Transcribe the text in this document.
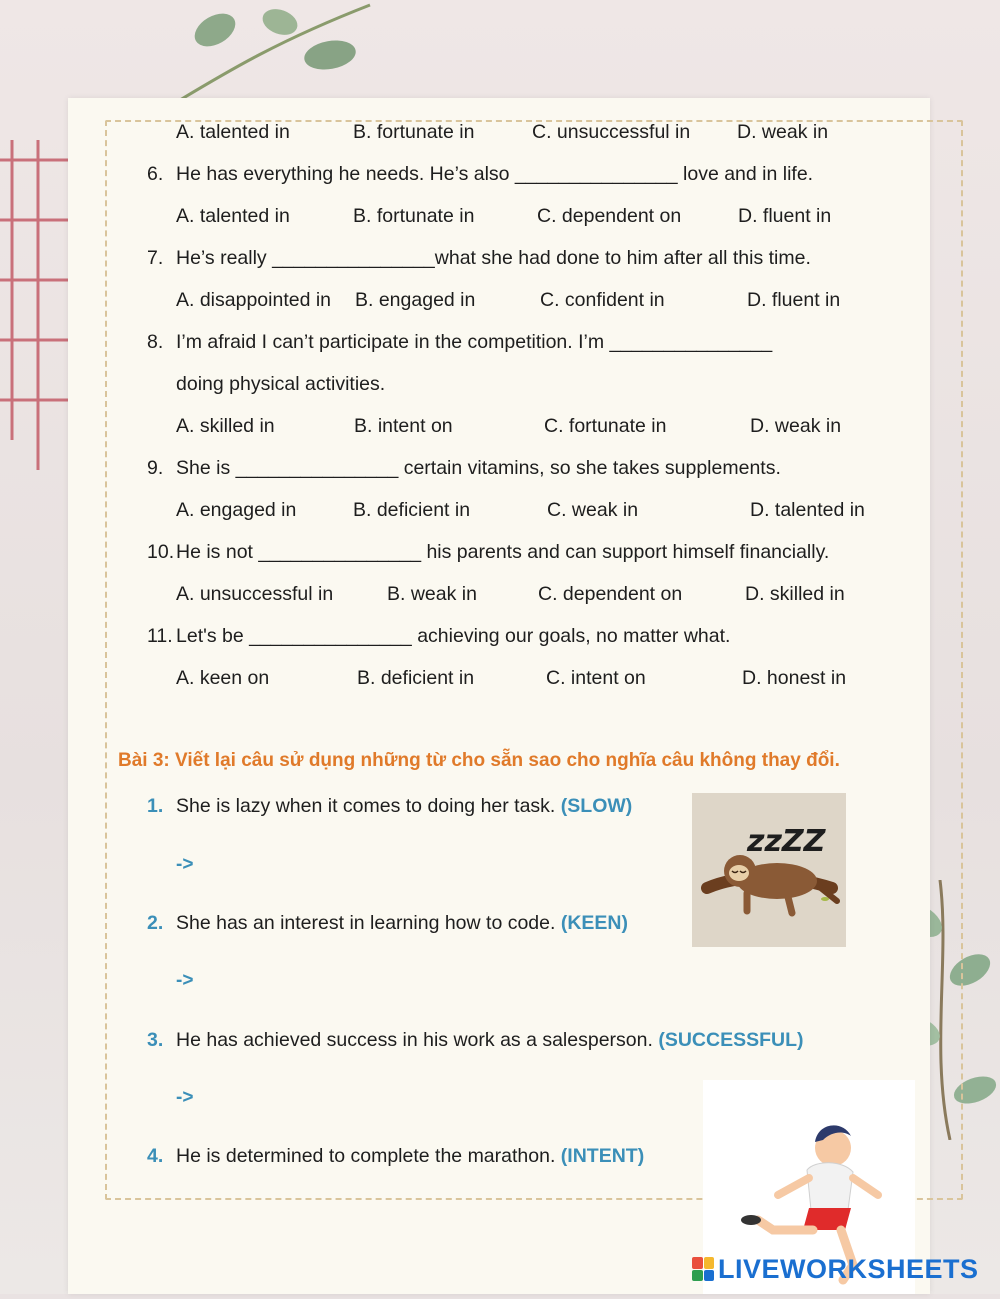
A. talented in	B. fortunate in	C. unsuccessful in D. weak in
6. He has everything he needs. He’s also _______________ love and in life.
A. talented in	B. fortunate in	C. dependent on	D. fluent in
7. He’s really _______________what she had done to him after all this time.
A. disappointed in B. engaged in	C. confident in	D. fluent in
8. I’m afraid I can’t participate in the competition. I’m _______________
doing physical activities.
A. skilled in	B. intent on	C. fortunate in	D. weak in
9. She is _______________ certain vitamins, so she takes supplements.
A. engaged in	B. deficient in	C. weak in	D. talented in
10. He is not _______________ his parents and can support himself financially.
A. unsuccessful in	B. weak in	C. dependent on	D. skilled in
11. Let's be _______________ achieving our goals, no matter what.
A. keen on	B. deficient in	C. intent on	D. honest in
Bài 3: Viết lại câu sử dụng những từ cho sẵn sao cho nghĩa câu không thay đổi.
1. She is lazy when it comes to doing her task. (SLOW)
->
2. She has an interest in learning how to code. (KEEN)
->
3. He has achieved success in his work as a salesperson. (SUCCESSFUL)
->
4. He is determined to complete the marathon. (INTENT)
zzZZ
LIVEWORKSHEETS
